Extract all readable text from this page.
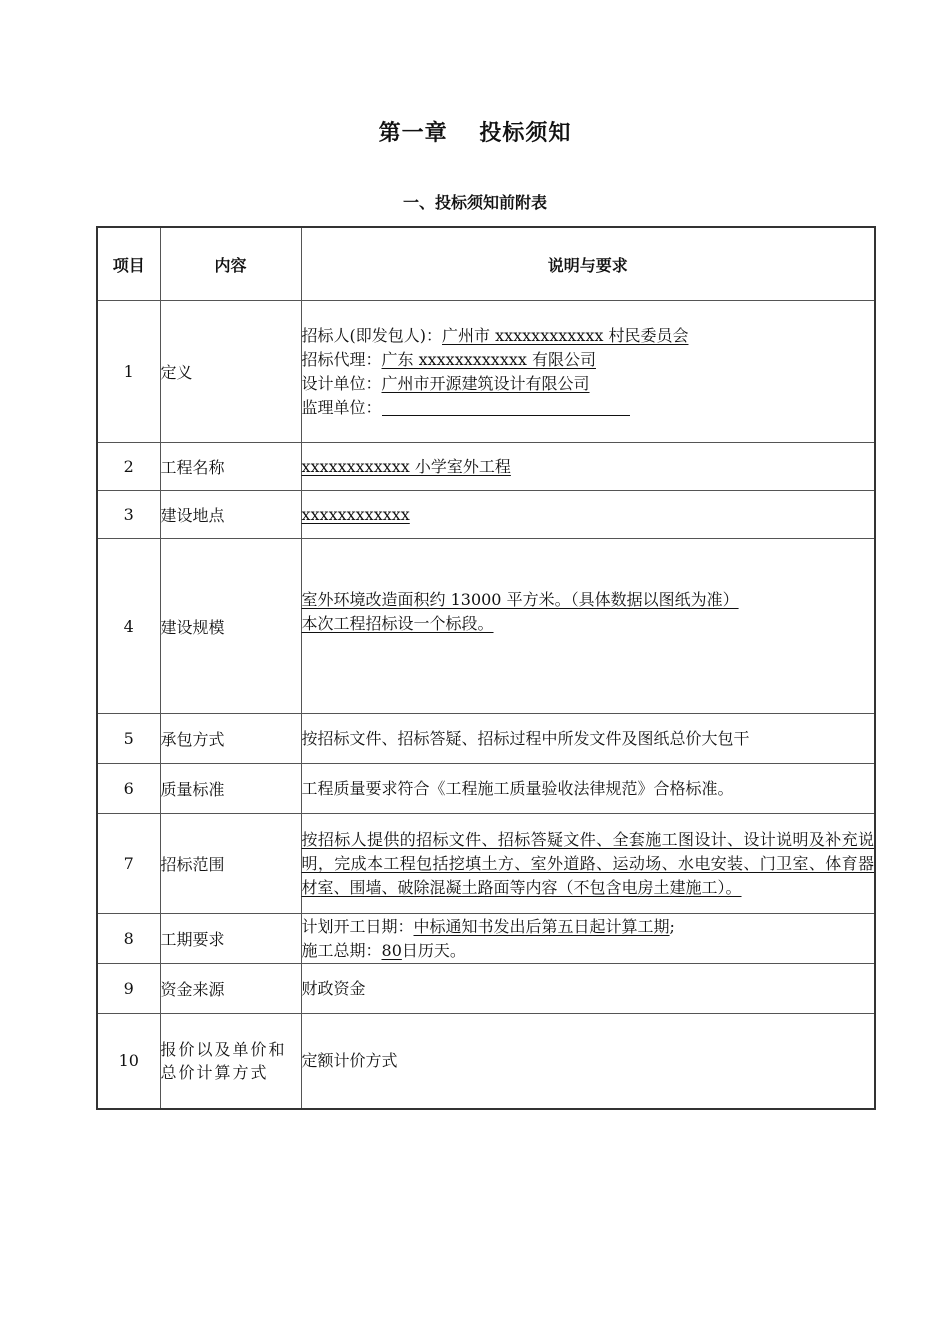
第一章　 投标须知
一、投标须知前附表
项目	内容	说明与要求
1	定义	招标人(即发包人)：广州市 xxxxxxxxxxxx 村民委员会
招标代理：广东 xxxxxxxxxxxx 有限公司
设计单位：广州市开源建筑设计有限公司
监理单位：

2	工程名称	xxxxxxxxxxxx 小学室外工程
3	建设地点	xxxxxxxxxxxx
4	建设规模	室外环境改造面积约 13000 平方米。（具体数据以图纸为准）
本次工程招标设一个标段。

5	承包方式	按招标文件、招标答疑、招标过程中所发文件及图纸总价大包干
6	质量标准	工程质量要求符合《工程施工质量验收法律规范》合格标准。
7	招标范围	按招标人提供的招标文件、招标答疑文件、全套施工图设计、设计说明及补充说明，完成本工程包括挖填土方、室外道路、运动场、水电安装、门卫室、体育器材室、围墙、破除混凝土路面等内容（不包含电房土建施工）。
8	工期要求	计划开工日期：中标通知书发出后第五日起计算工期;
施工总期：80日历天。

9	资金来源	财政资金
10	报价以及单价和总价计算方式	定额计价方式
